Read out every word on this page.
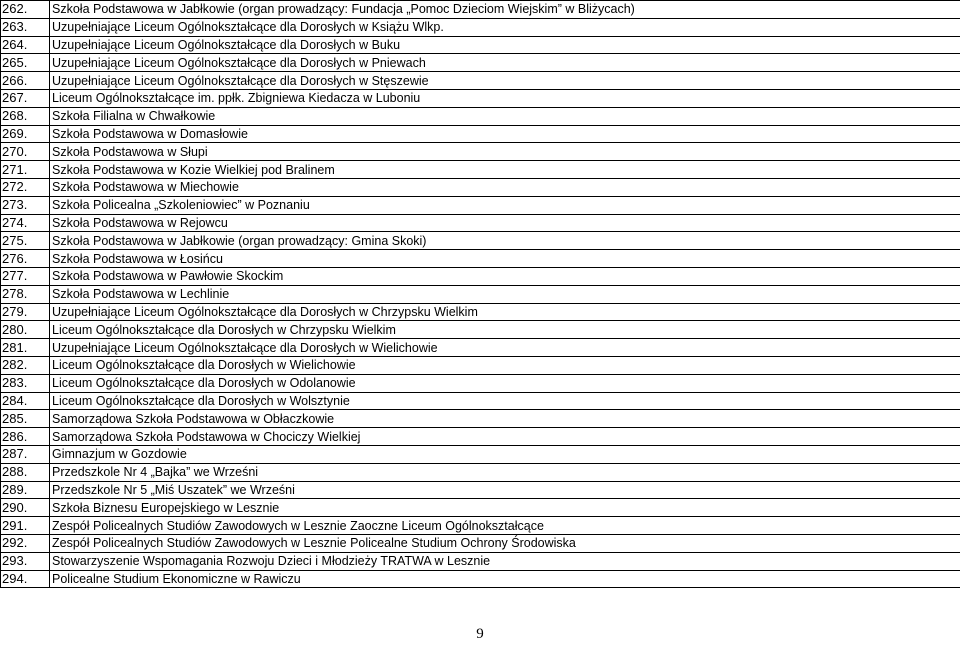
262.	Szkoła Podstawowa w Jabłkowie (organ prowadzący: Fundacja „Pomoc Dzieciom Wiejskim” w Bliżycach)
263.	Uzupełniające Liceum Ogólnokształcące dla Dorosłych w Książu Wlkp.
264.	Uzupełniające Liceum Ogólnokształcące dla Dorosłych w Buku
265.	Uzupełniające Liceum Ogólnokształcące dla Dorosłych w Pniewach
266.	Uzupełniające Liceum Ogólnokształcące dla Dorosłych w Stęszewie
267.	Liceum Ogólnokształcące im. ppłk. Zbigniewa Kiedacza w Luboniu
268.	Szkoła Filialna w Chwałkowie
269.	Szkoła Podstawowa w Domasłowie
270.	Szkoła Podstawowa w Słupi
271.	Szkoła Podstawowa w Kozie Wielkiej pod Bralinem
272.	Szkoła Podstawowa w Miechowie
273.	Szkoła Policealna „Szkoleniowiec” w Poznaniu
274.	Szkoła Podstawowa w Rejowcu
275.	Szkoła Podstawowa w Jabłkowie (organ prowadzący: Gmina Skoki)
276.	Szkoła Podstawowa w Łosińcu
277.	Szkoła Podstawowa w Pawłowie Skockim
278.	Szkoła Podstawowa w Lechlinie
279.	Uzupełniające Liceum Ogólnokształcące dla Dorosłych w Chrzypsku Wielkim
280.	Liceum Ogólnokształcące dla Dorosłych w Chrzypsku Wielkim
281.	Uzupełniające Liceum Ogólnokształcące dla Dorosłych w Wielichowie
282.	Liceum Ogólnokształcące dla Dorosłych w Wielichowie
283.	Liceum Ogólnokształcące dla Dorosłych w Odolanowie
284.	Liceum Ogólnokształcące dla Dorosłych w Wolsztynie
285.	Samorządowa Szkoła Podstawowa w Obłaczkowie
286.	Samorządowa Szkoła Podstawowa w Chociczy Wielkiej
287.	Gimnazjum w Gozdowie
288.	Przedszkole Nr 4 „Bajka” we Wrześni
289.	Przedszkole Nr 5 „Miś Uszatek” we Wrześni
290.	Szkoła Biznesu Europejskiego w Lesznie
291.	Zespół Policealnych Studiów Zawodowych w Lesznie Zaoczne Liceum Ogólnokształcące
292.	Zespół Policealnych Studiów Zawodowych w Lesznie Policealne Studium Ochrony Środowiska
293.	Stowarzyszenie Wspomagania Rozwoju Dzieci i Młodzieży TRATWA w Lesznie
294.	Policealne Studium Ekonomiczne w Rawiczu
9
